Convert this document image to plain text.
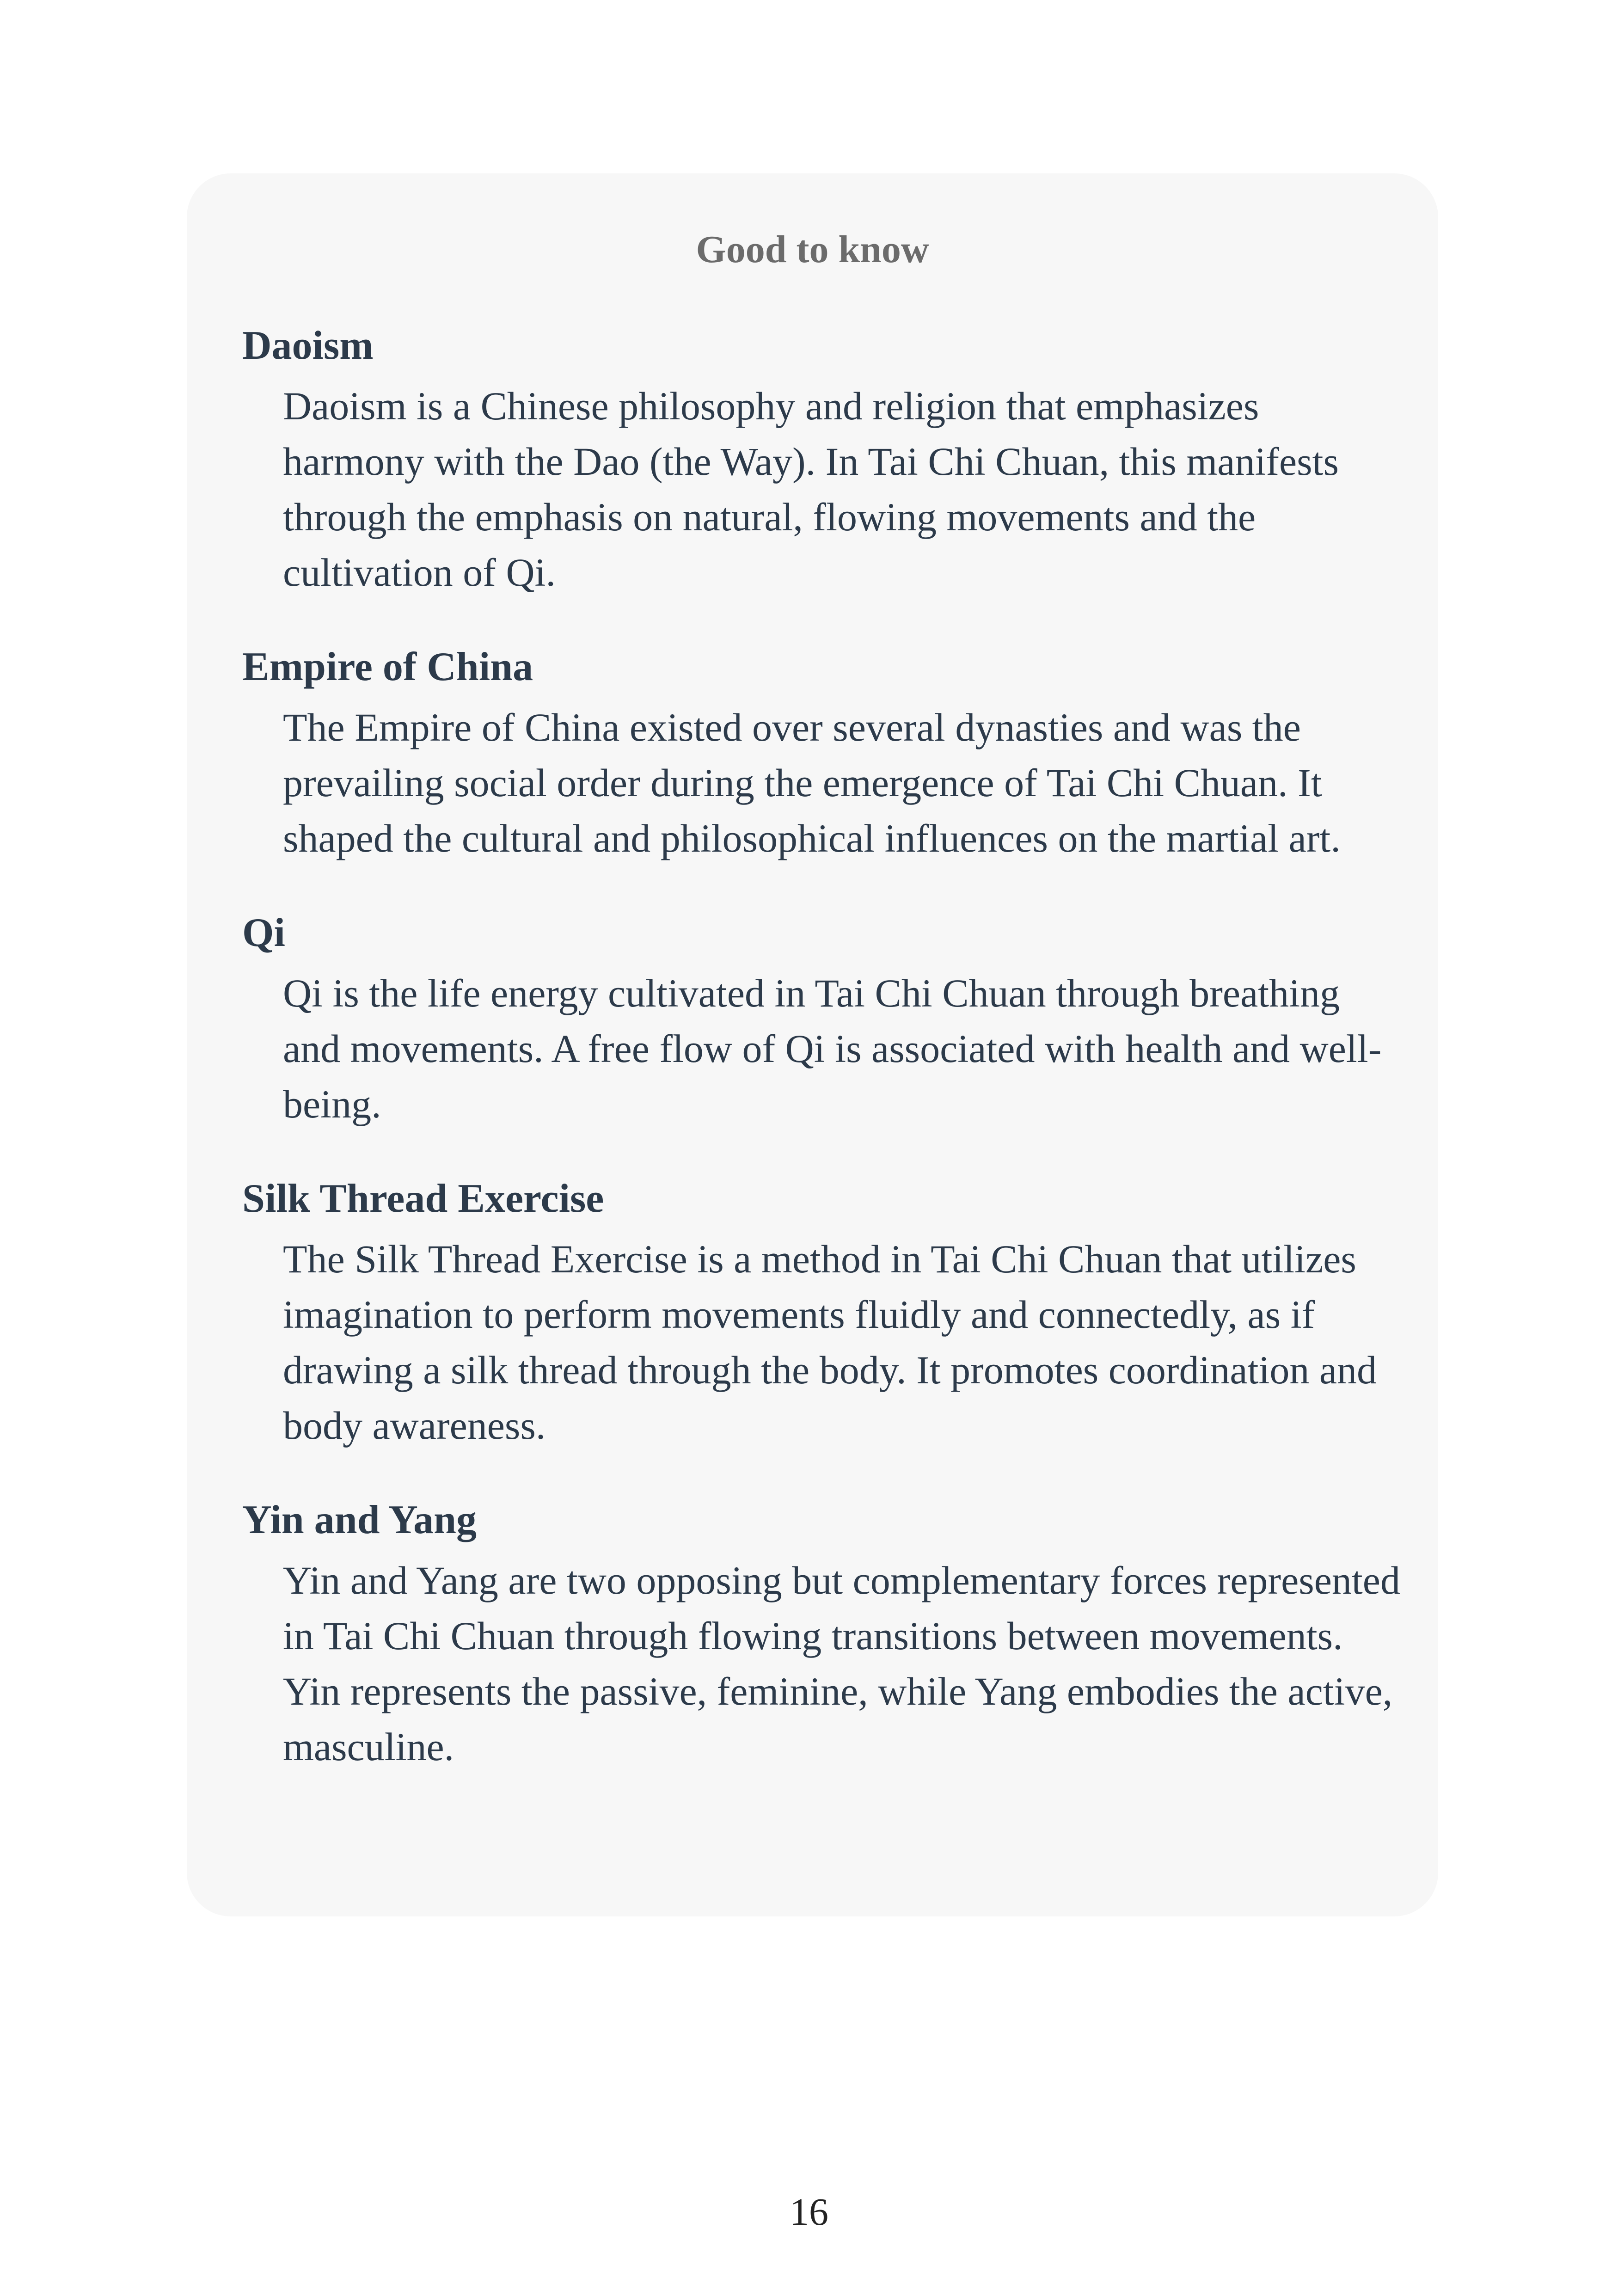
Good to know
Daoism
Daoism is a Chinese philosophy and religion that emphasizes harmony with the Dao (the Way). In Tai Chi Chuan, this manifests through the emphasis on natural, flowing movements and the cultivation of Qi.
Empire of China
The Empire of China existed over several dynasties and was the prevailing social order during the emergence of Tai Chi Chuan. It shaped the cultural and philosophical influences on the martial art.
Qi
Qi is the life energy cultivated in Tai Chi Chuan through breathing and movements. A free flow of Qi is associated with health and well-being.
Silk Thread Exercise
The Silk Thread Exercise is a method in Tai Chi Chuan that utilizes imagination to perform movements fluidly and connectedly, as if drawing a silk thread through the body. It promotes coordination and body awareness.
Yin and Yang
Yin and Yang are two opposing but complementary forces represented in Tai Chi Chuan through flowing transitions between movements. Yin represents the passive, feminine, while Yang embodies the active, masculine.
16
